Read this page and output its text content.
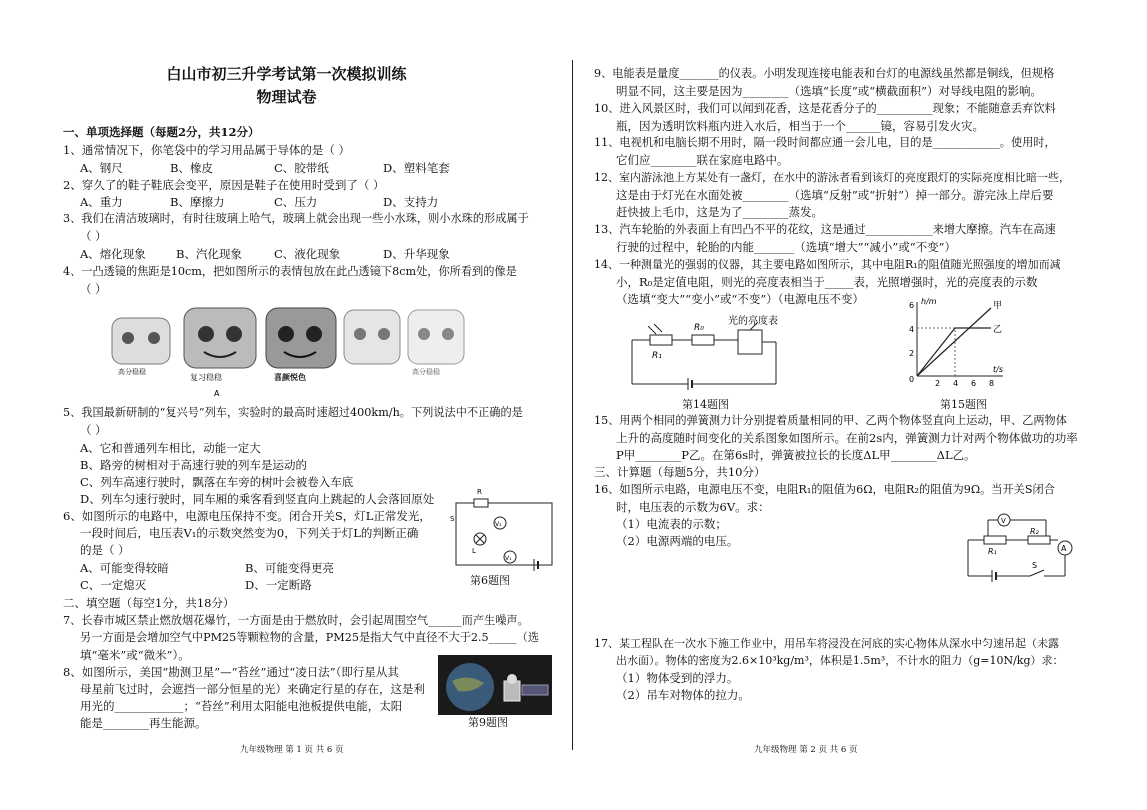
白山市初三升学考试第一次模拟训练
物理试卷
一、单项选择题（每题2分，共12分）
1、通常情况下，你笔袋中的学习用品属于导体的是（ ）
A、钢尺	B、橡皮	C、胶带纸	D、塑料笔套
2、穿久了的鞋子鞋底会变平，原因是鞋子在使用时受到了（ ）
A、重力	B、摩擦力	C、压力	D、支持力
3、我们在清洁玻璃时，有时往玻璃上哈气，玻璃上就会出现一些小水珠，则小水珠的形成属于
（ ）
A、熔化现象	B、汽化现象	C、液化现象	D、升华现象
4、一凸透镜的焦距是10cm，把如图所示的表情包放在此凸透镜下8cm处，你所看到的像是
（ ）
高分稳稳
复习稳稳
A
喜颜悦色
高分稳稳
5、我国最新研制的“复兴号”列车，实验时的最高时速超过400km/h。下列说法中不正确的是
（ ）
A、它和普通列车相比，动能一定大
B、路旁的树相对于高速行驶的列车是运动的
C、列车高速行驶时，飘落在车旁的树叶会被卷入车底
D、列车匀速行驶时，同车厢的乘客看到竖直向上跳起的人会落回原处
6、如图所示的电路中，电源电压保持不变。闭合开关S，灯L正常发光，
一段时间后，电压表V₁的示数突然变为0，下列关于灯L的判断正确
的是（ ）
A、可能变得较暗	B、可能变得更亮
C、一定熄灭	D、一定断路
R
S
V₂
L
V₁
第6题图
二、填空题（每空1分，共18分）
7、长春市城区禁止燃放烟花爆竹，一方面是由于燃放时，会引起周围空气______而产生噪声。
另一方面是会增加空气中PM25等颗粒物的含量，PM25是指大气中直径不大于2.5_____（选
填“毫米”或“微米”）。
8、如图所示，美国“勘测卫星”—“苔丝”通过“凌日法”（即行星从其
母星前飞过时，会遮挡一部分恒星的光）来确定行星的存在，这是利
用光的____________；“苔丝”利用太阳能电池板提供电能，太阳
能是________再生能源。	第9题图
九年级物理 第 1 页 共 6 页
9、电能表是量度_______的仪表。小明发现连接电能表和台灯的电源线虽然都是铜线，但规格
明显不同，这主要是因为________（选填“长度”或“横截面积”）对导线电阻的影响。
10、进入风景区时，我们可以闻到花香，这是花香分子的__________现象；不能随意丢弃饮料
瓶，因为透明饮料瓶内进入水后，相当于一个______镜，容易引发火灾。
11、电视机和电脑长期不用时，隔一段时间都应通一会儿电，目的是____________。使用时，
它们应________联在家庭电路中。
12、室内游泳池上方某处有一盏灯，在水中的游泳者看到该灯的亮度跟灯的实际亮度相比暗一些，
这是由于灯光在水面处被________（选填“反射”或“折射”）掉一部分。游完泳上岸后要
赶快披上毛巾，这是为了________蒸发。
13、汽车轮胎的外表面上有凹凸不平的花纹，这是通过____________来增大摩擦。汽车在高速
行驶的过程中，轮胎的内能_______（选填“增大”“减小”或“不变”）
14、一种测量光的强弱的仪器，其主要电路如图所示，其中电阻R₁的阻值随光照强度的增加而减
小，R₀是定值电阻，则光的亮度表相当于_____表，光照增强时，光的亮度表的示数
（选填“变大”“变小”或“不变”）（电源电压不变）
光的亮度表
R₁
R₀
第14题图
h/m
t/s
0
2
4
6
2 4 6 8
甲
乙
第15题图
15、用两个相同的弹簧测力计分别提着质量相同的甲、乙两个物体竖直向上运动，甲、乙两物体
上升的高度随时间变化的关系图象如图所示。在前2s内，弹簧测力计对两个物体做功的功率
P甲________P乙。在第6s时，弹簧被拉长的长度ΔL甲________ΔL乙。
三、计算题（每题5分，共10分）
16、如图所示电路，电源电压不变，电阻R₁的阻值为6Ω，电阻R₂的阻值为9Ω。当开关S闭合
时，电压表的示数为6V。求：
（1）电流表的示数；
（2）电源两端的电压。
V
R₁
R₂
A
S
17、某工程队在一次水下施工作业中，用吊车将浸没在河底的实心物体从深水中匀速吊起（未露
出水面）。物体的密度为2.6×10³kg/m³，体积是1.5m³，不计水的阻力（g=10N/kg）求：
（1）物体受到的浮力。
（2）吊车对物体的拉力。
九年级物理 第 2 页 共 6 页
